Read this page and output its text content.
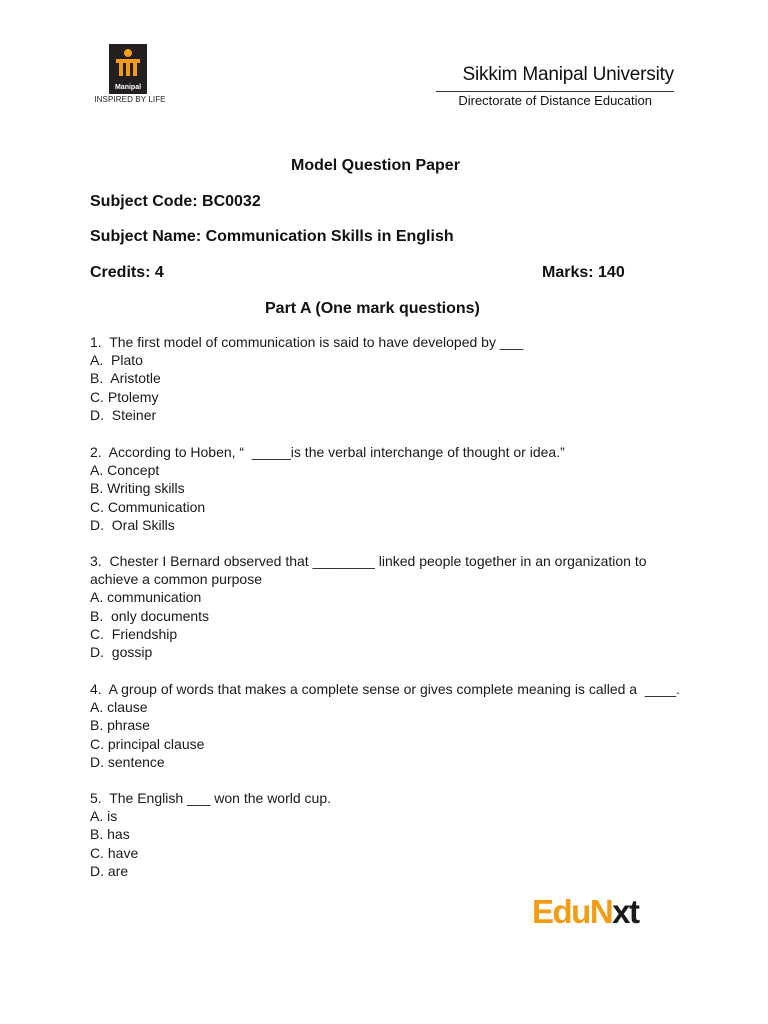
Manipal
INSPIRED BY LIFE
Sikkim Manipal University
Directorate of Distance Education
Model Question Paper
Subject Code: BC0032
Subject Name: Communication Skills in English
Credits: 4	Marks: 140
Part A (One mark questions)
1.  The first model of communication is said to have developed by ___
A.  Plato
B.  Aristotle
C. Ptolemy
D.  Steiner
2.  According to Hoben, “  _____is the verbal interchange of thought or idea.”
A. Concept
B. Writing skills
C. Communication
D.  Oral Skills
3.  Chester I Bernard observed that ________ linked people together in an organization to
achieve a common purpose
A. communication
B.  only documents
C.  Friendship
D.  gossip
4.  A group of words that makes a complete sense or gives complete meaning is called a  ____.
A. clause
B. phrase
C. principal clause
D. sentence
5.  The English ___ won the world cup.
A. is
B. has
C. have
D. are
EduNxt
